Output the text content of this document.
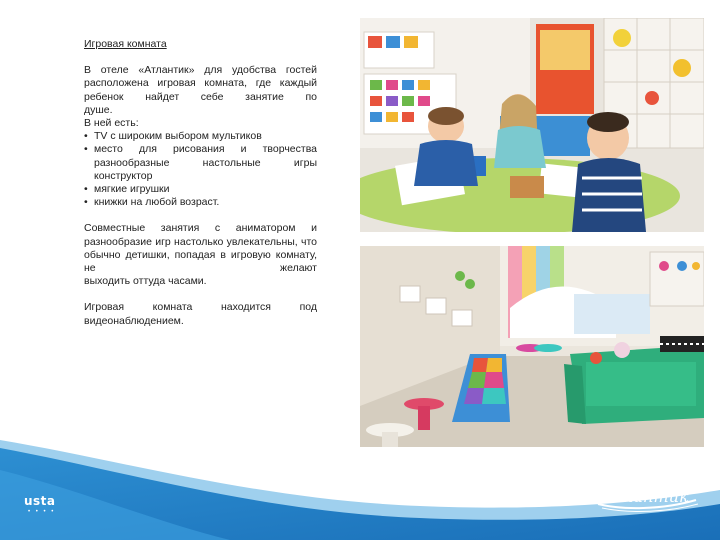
Игровая комната

В отеле «Атлантик» для удобства гостей расположена игровая комната, где каждый ребенок найдет себе занятие по

душе.

В ней есть:

• TV с широким выбором мультиков
• место для рисования и творчества разнообразные настольные игры конструктор
• мягкие игрушки
• книжки на любой возраст.

Совместные занятия с аниматором и разнообразие игр настолько увлекательны, что обычно детишки, попадая в игровую комнату, не желают

выходить оттуда часами.

Игровая комната находится под

видеонаблюдением.

usta
• • • •
отель
Атлантик
